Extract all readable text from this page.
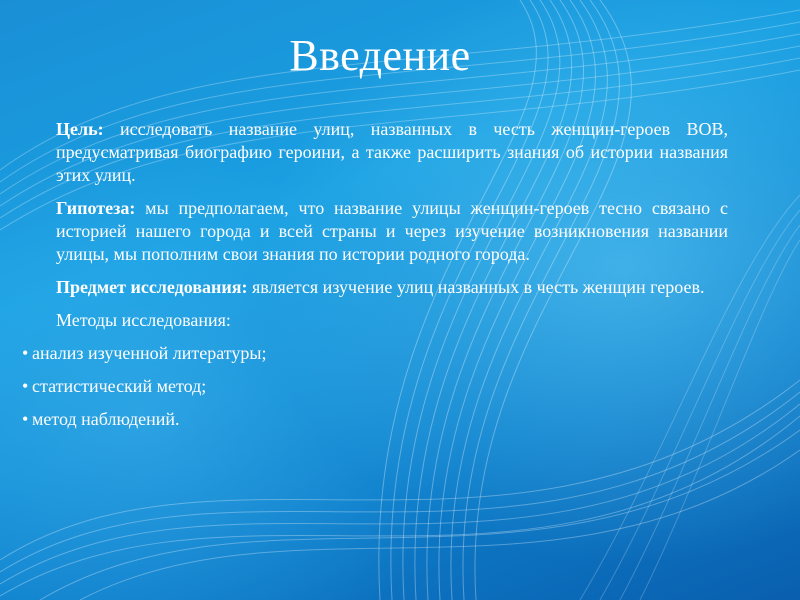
Введение

Цель: исследовать название улиц, названных в честь женщин-героев ВОВ, предусматривая биографию героини, а также расширить знания об истории названия этих улиц.

Гипотеза: мы предполагаем, что название улицы женщин-героев тесно связано с историей нашего города и всей страны и через изучение возникновения названии улицы, мы пополним свои знания по истории родного города.

Предмет исследования: является изучение улиц названных в честь женщин героев.

Методы исследования:

• анализ изученной литературы;
• статистический метод;
• метод наблюдений.
